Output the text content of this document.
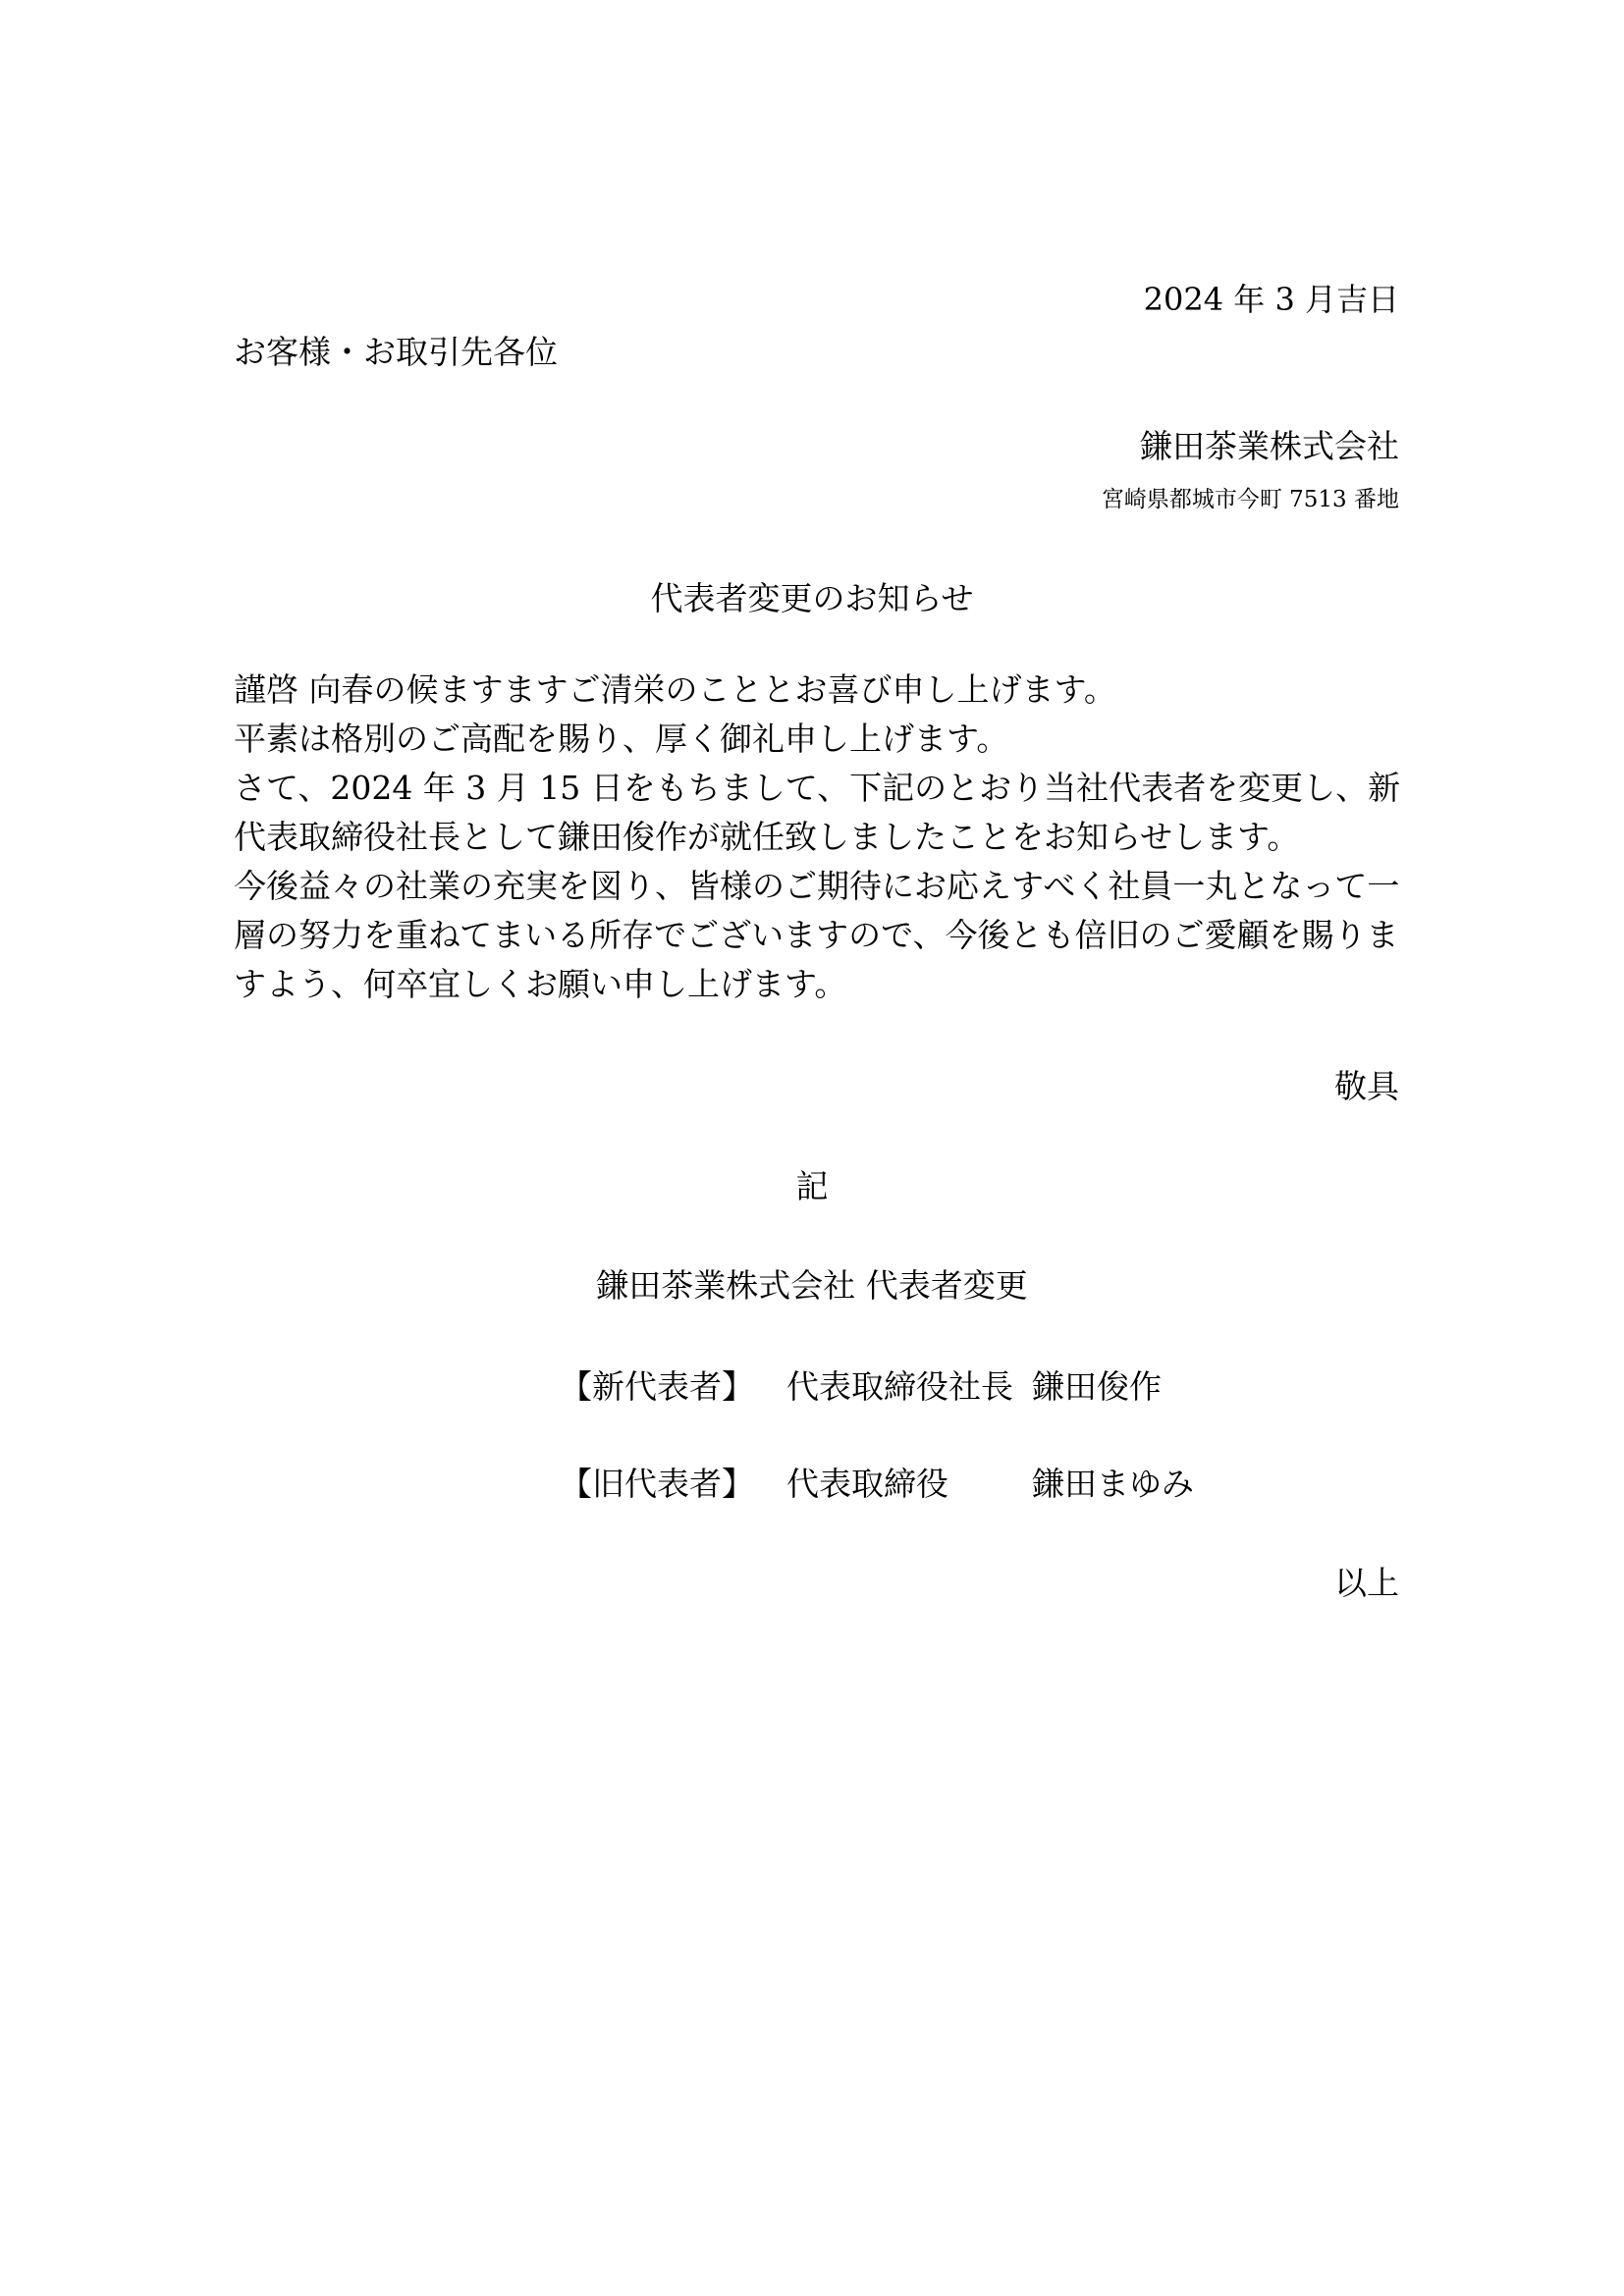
2024 年 3 月吉日
お客様・お取引先各位
鎌田茶業株式会社
宮崎県都城市今町 7513 番地
代表者変更のお知らせ

謹啓 向春の候ますますご清栄のこととお喜び申し上げます。

平素は格別のご高配を賜り、厚く御礼申し上げます。

さて、2024 年 3 月 15 日をもちまして、下記のとおり当社代表者を変更し、新代表取締役社長として鎌田俊作が就任致しましたことをお知らせします。

今後益々の社業の充実を図り、皆様のご期待にお応えすべく社員一丸となって一層の努力を重ねてまいる所存でございますので、今後とも倍旧のご愛顧を賜りますよう、何卒宜しくお願い申し上げます。

敬具
記
鎌田茶業株式会社 代表者変更
【新代表者】 代表取締役社長 鎌田俊作
【旧代表者】 代表取締役	鎌田まゆみ
以上
